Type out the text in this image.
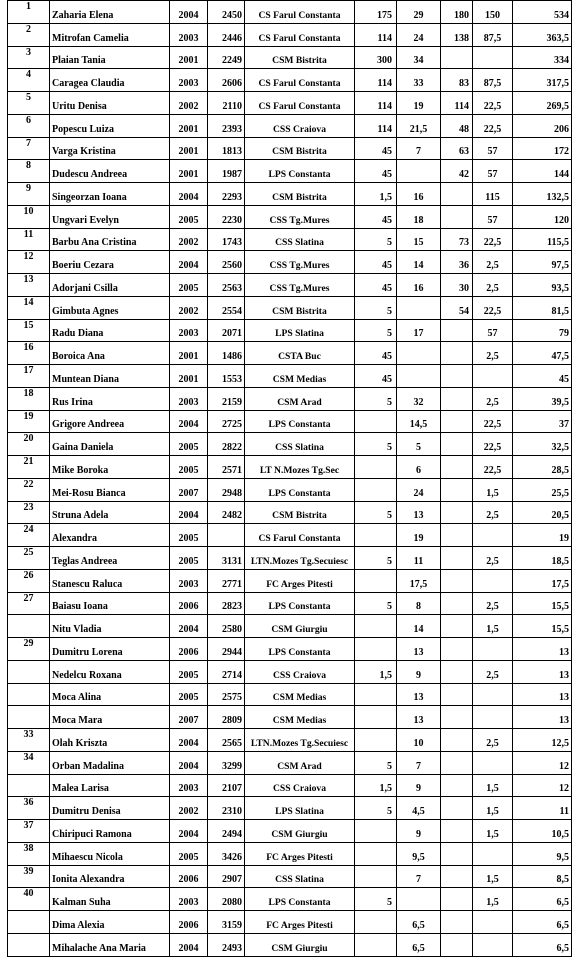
1	Zaharia Elena	2004	2450	CS Farul Constanta	175	29	180	150	534
2	Mitrofan Camelia	2003	2446	CS Farul Constanta	114	24	138	87,5	363,5
3	Plaian Tania	2001	2249	CSM Bistrita	300	34			334
4	Caragea Claudia	2003	2606	CS Farul Constanta	114	33	83	87,5	317,5
5	Uritu Denisa	2002	2110	CS Farul Constanta	114	19	114	22,5	269,5
6	Popescu Luiza	2001	2393	CSS Craiova	114	21,5	48	22,5	206
7	Varga Kristina	2001	1813	CSM Bistrita	45	7	63	57	172
8	Dudescu Andreea	2001	1987	LPS Constanta	45		42	57	144
9	Singeorzan Ioana	2004	2293	CSM Bistrita	1,5	16		115	132,5
10	Ungvari Evelyn	2005	2230	CSS Tg.Mures	45	18		57	120
11	Barbu Ana Cristina	2002	1743	CSS Slatina	5	15	73	22,5	115,5
12	Boeriu Cezara	2004	2560	CSS Tg.Mures	45	14	36	2,5	97,5
13	Adorjani Csilla	2005	2563	CSS Tg.Mures	45	16	30	2,5	93,5
14	Gimbuta Agnes	2002	2554	CSM Bistrita	5		54	22,5	81,5
15	Radu Diana	2003	2071	LPS Slatina	5	17		57	79
16	Boroica Ana	2001	1486	CSTA Buc	45			2,5	47,5
17	Muntean Diana	2001	1553	CSM Medias	45				45
18	Rus Irina	2003	2159	CSM Arad	5	32		2,5	39,5
19	Grigore Andreea	2004	2725	LPS Constanta		14,5		22,5	37
20	Gaina Daniela	2005	2822	CSS Slatina	5	5		22,5	32,5
21	Mike Boroka	2005	2571	LT N.Mozes Tg.Sec		6		22,5	28,5
22	Mei-Rosu Bianca	2007	2948	LPS Constanta		24		1,5	25,5
23	Struna Adela	2004	2482	CSM Bistrita	5	13		2,5	20,5
24	Alexandra	2005		CS Farul Constanta		19			19
25	Teglas Andreea	2005	3131	LTN.Mozes Tg.Secuiesc	5	11		2,5	18,5
26	Stanescu Raluca	2003	2771	FC Arges Pitesti		17,5			17,5
27	Baiasu Ioana	2006	2823	LPS Constanta	5	8		2,5	15,5
	Nitu Vladia	2004	2580	CSM Giurgiu		14		1,5	15,5
29	Dumitru Lorena	2006	2944	LPS Constanta		13			13
	Nedelcu Roxana	2005	2714	CSS Craiova	1,5	9		2,5	13
	Moca Alina	2005	2575	CSM Medias		13			13
	Moca Mara	2007	2809	CSM Medias		13			13
33	Olah Kriszta	2004	2565	LTN.Mozes Tg.Secuiesc		10		2,5	12,5
34	Orban Madalina	2004	3299	CSM Arad	5	7			12
	Malea Larisa	2003	2107	CSS Craiova	1,5	9		1,5	12
36	Dumitru Denisa	2002	2310	LPS Slatina	5	4,5		1,5	11
37	Chiripuci Ramona	2004	2494	CSM Giurgiu		9		1,5	10,5
38	Mihaescu Nicola	2005	3426	FC Arges Pitesti		9,5			9,5
39	Ionita Alexandra	2006	2907	CSS Slatina		7		1,5	8,5
40	Kalman Suha	2003	2080	LPS Constanta	5			1,5	6,5
	Dima Alexia	2006	3159	FC Arges Pitesti		6,5			6,5
	Mihalache Ana Maria	2004	2493	CSM Giurgiu		6,5			6,5
